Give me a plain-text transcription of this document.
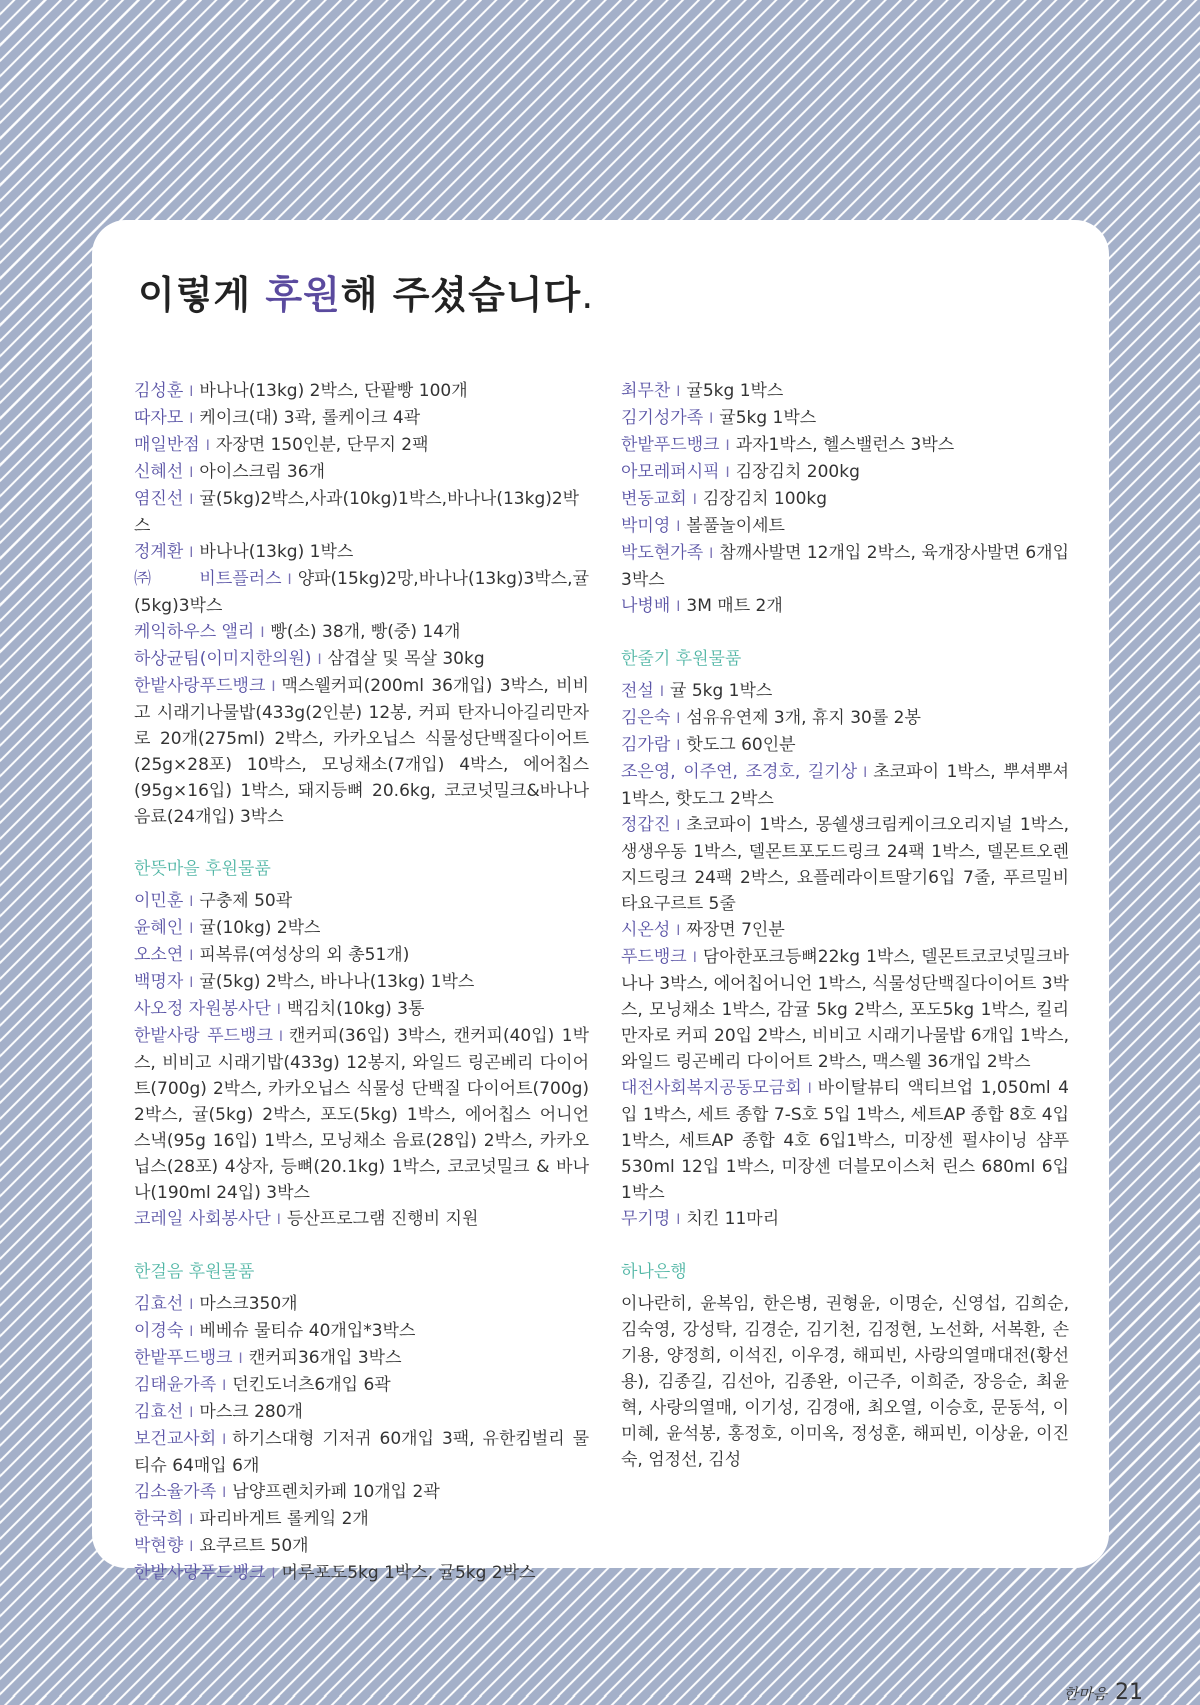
이렇게 후원해 주셨습니다.

김성훈 I 바나나(13kg) 2박스, 단팥빵 100개

따자모 I 케이크(대) 3곽, 롤케이크 4곽

매일반점 I 자장면 150인분, 단무지 2팩

신혜선 I 아이스크림 36개

염진선 I 귤(5kg)2박스,사과(10kg)1박스,바나나(13kg)2박스

정계환 I 바나나(13kg) 1박스

㈜비트플러스 I 양파(15kg)2망,바나나(13kg)3박스,귤(5kg)3박스

케익하우스 앨리 I 빵(소) 38개, 빵(중) 14개

하상균팀(이미지한의원) I 삼겹살 및 목살 30kg

한밭사랑푸드뱅크 I 맥스웰커피(200ml 36개입) 3박스, 비비고 시래기나물밥(433g(2인분) 12봉, 커피 탄자니아길리만자로 20개(275ml) 2박스, 카카오닙스 식물성단백질다이어트(25g×28포) 10박스, 모닝채소(7개입) 4박스, 에어칩스(95g×16입) 1박스, 돼지등뼈 20.6kg, 코코넛밀크&바나나음료(24개입) 3박스

한뜻마을 후원물품

이민훈 I 구충제 50곽

윤혜인 I 귤(10kg) 2박스

오소연 I 피복류(여성상의 외 총51개)

백명자 I 귤(5kg) 2박스, 바나나(13kg) 1박스

사오정 자원봉사단 I 백김치(10kg) 3통

한밭사랑 푸드뱅크 I 캔커피(36입) 3박스, 캔커피(40입) 1박스, 비비고 시래기밥(433g) 12봉지, 와일드 링곤베리 다이어트(700g) 2박스, 카카오닙스 식물성 단백질 다이어트(700g) 2박스, 귤(5kg) 2박스, 포도(5kg) 1박스, 에어칩스 어니언 스낵(95g 16입) 1박스, 모닝채소 음료(28입) 2박스, 카카오닙스(28포) 4상자, 등뼈(20.1kg) 1박스, 코코넛밀크 & 바나나(190ml 24입) 3박스

코레일 사회봉사단 I 등산프로그램 진행비 지원

한걸음 후원물품

김효선 I 마스크350개

이경숙 I 베베슈 물티슈 40개입*3박스

한밭푸드뱅크 I 캔커피36개입 3박스

김태윤가족 I 던킨도너츠6개입 6곽

김효선 I 마스크 280개

보건교사회 I 하기스대형 기저귀 60개입 3팩, 유한킴벌리 물티슈 64매입 6개

김소율가족 I 남양프렌치카페 10개입 2곽

한국희 I 파리바게트 롤케잌 2개

박현향 I 요쿠르트 50개

한밭사랑푸드뱅크 I 머루포도5kg 1박스, 귤5kg 2박스

최무찬 I 귤5kg 1박스

김기성가족 I 귤5kg 1박스

한밭푸드뱅크 I 과자1박스, 헬스밸런스 3박스

아모레퍼시픽 I 김장김치 200kg

변동교회 I 김장김치 100kg

박미영 I 볼풀놀이세트

박도현가족 I 참깨사발면 12개입 2박스, 육개장사발면 6개입 3박스

나병배 I 3M 매트 2개

한줄기 후원물품

전설 I 귤 5kg 1박스

김은숙 I 섬유유연제 3개, 휴지 30롤 2봉

김가람 I 핫도그 60인분

조은영, 이주연, 조경호, 길기상 I 초코파이 1박스, 뿌셔뿌셔 1박스, 핫도그 2박스

정갑진 I 초코파이 1박스, 몽쉘생크림케이크오리지널 1박스, 생생우동 1박스, 델몬트포도드링크 24팩 1박스, 델몬트오렌지드링크 24팩 2박스, 요플레라이트딸기6입 7줄, 푸르밀비타요구르트 5줄

시온성 I 짜장면 7인분

푸드뱅크 I 담아한포크등뼈22kg 1박스, 델몬트코코넛밀크바나나 3박스, 에어칩어니언 1박스, 식물성단백질다이어트 3박스, 모닝채소 1박스, 감귤 5kg 2박스, 포도5kg 1박스, 킬리만자로 커피 20입 2박스, 비비고 시래기나물밥 6개입 1박스, 와일드 링곤베리 다이어트 2박스, 맥스웰 36개입 2박스

대전사회복지공동모금회 I 바이탈뷰티 액티브업 1,050ml 4입 1박스, 세트 종합 7-S호 5입 1박스, 세트AP 종합 8호 4입 1박스, 세트AP 종합 4호 6입1박스, 미장센 펄샤이닝 샴푸 530ml 12입 1박스, 미장센 더블모이스처 린스 680ml 6입 1박스

무기명 I 치킨 11마리

하나은행

이나란히, 윤복임, 한은병, 권형윤, 이명순, 신영섭, 김희순, 김숙영, 강성탁, 김경순, 김기천, 김정현, 노선화, 서복환, 손기용, 양정희, 이석진, 이우경, 해피빈, 사랑의열매대전(황선용), 김종길, 김선아, 김종완, 이근주, 이희준, 장응순, 최윤혁, 사랑의열매, 이기성, 김경애, 최오열, 이승호, 문동석, 이미혜, 윤석봉, 홍정호, 이미옥, 정성훈, 해피빈, 이상윤, 이진숙, 엄정선, 김성

한마음 21
